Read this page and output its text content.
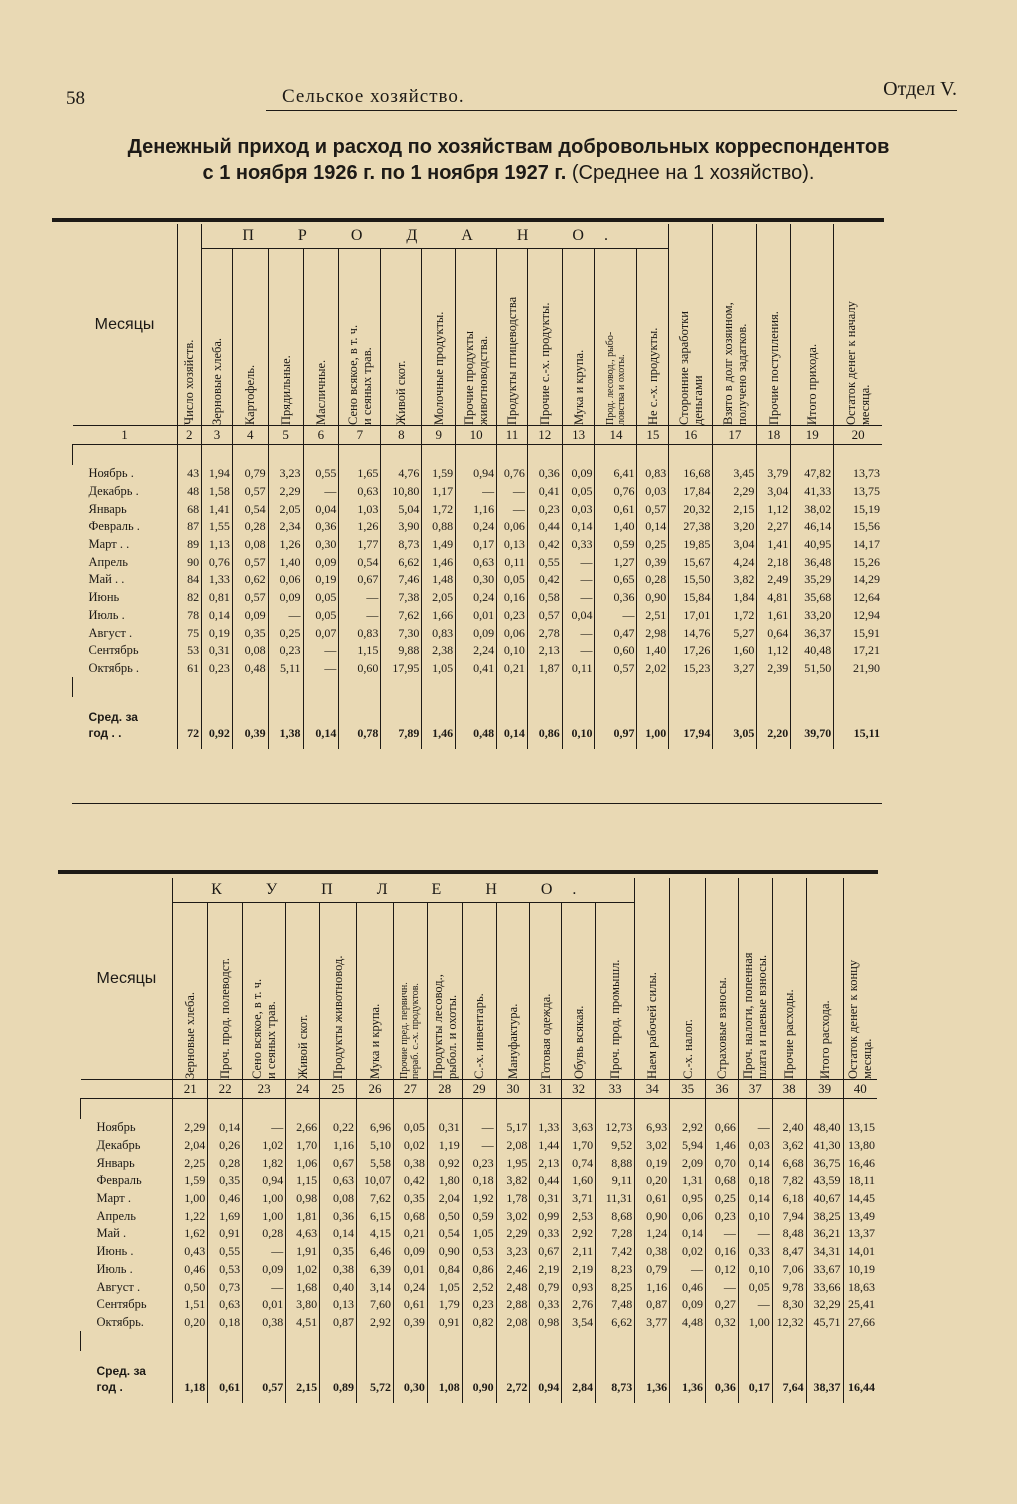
58	Сельское хозяйство.	Отдел V.
Денежный приход и расход по хозяйствам добровольных корреспондентов
с 1 ноября 1926 г. по 1 ноября 1927 г. (Среднее на 1 хозяйство).
Месяцы	Число хозяйств.	П Р О Д А Н О.													Сторонние заработки
деньгами	Взято в долг хозяином,
получено задатков.	Прочие поступления.	Итого прихода.	Остаток денег к началу
месяца.

		Зерновые хлеба.	Картофель.	Прядильные.	Масличные.	Сено всякое, в т. ч.
и сеяных трав.	Живой скот.	Молочные продукты.	Прочие продукты
животноводства.	Продукты птицеводства	Прочие с.-х. продукты.	Мука и крупа.	Прод. лесовод., рыбо-
ловства и охоты.	Не с.-х. продукты.					

1	2	3	4	5	6	7	8	9	10	11	12	13	14	15	16	17	18	19	20

Ноябрь .	43	1,94	0,79	3,23	0,55	1,65	4,76	1,59	0,94	0,76	0,36	0,09	6,41	0,83	16,68	3,45	3,79	47,82	13,73
Декабрь .	48	1,58	0,57	2,29	—	0,63	10,80	1,17	—	—	0,41	0,05	0,76	0,03	17,84	2,29	3,04	41,33	13,75
Январь	68	1,41	0,54	2,05	0,04	1,03	5,04	1,72	1,16	—	0,23	0,03	0,61	0,57	20,32	2,15	1,12	38,02	15,19
Февраль .	87	1,55	0,28	2,34	0,36	1,26	3,90	0,88	0,24	0,06	0,44	0,14	1,40	0,14	27,38	3,20	2,27	46,14	15,56
Март . .	89	1,13	0,08	1,26	0,30	1,77	8,73	1,49	0,17	0,13	0,42	0,33	0,59	0,25	19,85	3,04	1,41	40,95	14,17
Апрель	90	0,76	0,57	1,40	0,09	0,54	6,62	1,46	0,63	0,11	0,55	—	1,27	0,39	15,67	4,24	2,18	36,48	15,26
Май . .	84	1,33	0,62	0,06	0,19	0,67	7,46	1,48	0,30	0,05	0,42	—	0,65	0,28	15,50	3,82	2,49	35,29	14,29
Июнь	82	0,81	0,57	0,09	0,05	—	7,38	2,05	0,24	0,16	0,58	—	0,36	0,90	15,84	1,84	4,81	35,68	12,64
Июль .	78	0,14	0,09	—	0,05	—	7,62	1,66	0,01	0,23	0,57	0,04	—	2,51	17,01	1,72	1,61	33,20	12,94
Август .	75	0,19	0,35	0,25	0,07	0,83	7,30	0,83	0,09	0,06	2,78	—	0,47	2,98	14,76	5,27	0,64	36,37	15,91
Сентябрь	53	0,31	0,08	0,23	—	1,15	9,88	2,38	2,24	0,10	2,13	—	0,60	1,40	17,26	1,60	1,12	40,48	17,21
Октябрь .	61	0,23	0,48	5,11	—	0,60	17,95	1,05	0,41	0,21	1,87	0,11	0,57	2,02	15,23	3,27	2,39	51,50	21,90

Сред. за
год . .	72	0,92	0,39	1,38	0,14	0,78	7,89	1,46	0,48	0,14	0,86	0,10	0,97	1,00	17,94	3,05	2,20	39,70	15,11
Месяцы	К У П Л Е Н О.													Наем рабочей силы.	С.-х. налог.	Страховые взносы.	Проч. налоги, попенная
плата и паевые взносы.	Прочие расходы.	Итого расхода.	Остаток денег к концу
месяца.

	Зерновые хлеба.	Проч. прод. полеводст.	Сено всякое, в т. ч.
и сеяных трав.	Живой скот.	Продукты животновод.	Мука и крупа.	Прочие пред. первичн.
пераб. с.-х. продуктов.	Продукты лесовод.,
рыбол. и охоты.	С.-х. инвентарь.	Мануфактура.	Готовая одежда.	Обувь всякая.	Проч. прод. промышл.							

	21	22	23	24	25	26	27	28	29	30	31	32	33	34	35	36	37	38	39	40

Ноябрь	2,29	0,14	—	2,66	0,22	6,96	0,05	0,31	—	5,17	1,33	3,63	12,73	6,93	2,92	0,66	—	2,40	48,40	13,15
Декабрь	2,04	0,26	1,02	1,70	1,16	5,10	0,02	1,19	—	2,08	1,44	1,70	9,52	3,02	5,94	1,46	0,03	3,62	41,30	13,80
Январь	2,25	0,28	1,82	1,06	0,67	5,58	0,38	0,92	0,23	1,95	2,13	0,74	8,88	0,19	2,09	0,70	0,14	6,68	36,75	16,46
Февраль	1,59	0,35	0,94	1,15	0,63	10,07	0,42	1,80	0,18	3,82	0,44	1,60	9,11	0,20	1,31	0,68	0,18	7,82	43,59	18,11
Март .	1,00	0,46	1,00	0,98	0,08	7,62	0,35	2,04	1,92	1,78	0,31	3,71	11,31	0,61	0,95	0,25	0,14	6,18	40,67	14,45
Апрель	1,22	1,69	1,00	1,81	0,36	6,15	0,68	0,50	0,59	3,02	0,99	2,53	8,68	0,90	0,06	0,23	0,10	7,94	38,25	13,49
Май .	1,62	0,91	0,28	4,63	0,14	4,15	0,21	0,54	1,05	2,29	0,33	2,92	7,28	1,24	0,14	—	—	8,48	36,21	13,37
Июнь .	0,43	0,55	—	1,91	0,35	6,46	0,09	0,90	0,53	3,23	0,67	2,11	7,42	0,38	0,02	0,16	0,33	8,47	34,31	14,01
Июль .	0,46	0,53	0,09	1,02	0,38	6,39	0,01	0,84	0,86	2,46	2,19	2,19	8,23	0,79	—	0,12	0,10	7,06	33,67	10,19
Август .	0,50	0,73	—	1,68	0,40	3,14	0,24	1,05	2,52	2,48	0,79	0,93	8,25	1,16	0,46	—	0,05	9,78	33,66	18,63
Сентябрь	1,51	0,63	0,01	3,80	0,13	7,60	0,61	1,79	0,23	2,88	0,33	2,76	7,48	0,87	0,09	0,27	—	8,30	32,29	25,41
Октябрь.	0,20	0,18	0,38	4,51	0,87	2,92	0,39	0,91	0,82	2,08	0,98	3,54	6,62	3,77	4,48	0,32	1,00	12,32	45,71	27,66

Сред. за
год .	1,18	0,61	0,57	2,15	0,89	5,72	0,30	1,08	0,90	2,72	0,94	2,84	8,73	1,36	1,36	0,36	0,17	7,64	38,37	16,44
